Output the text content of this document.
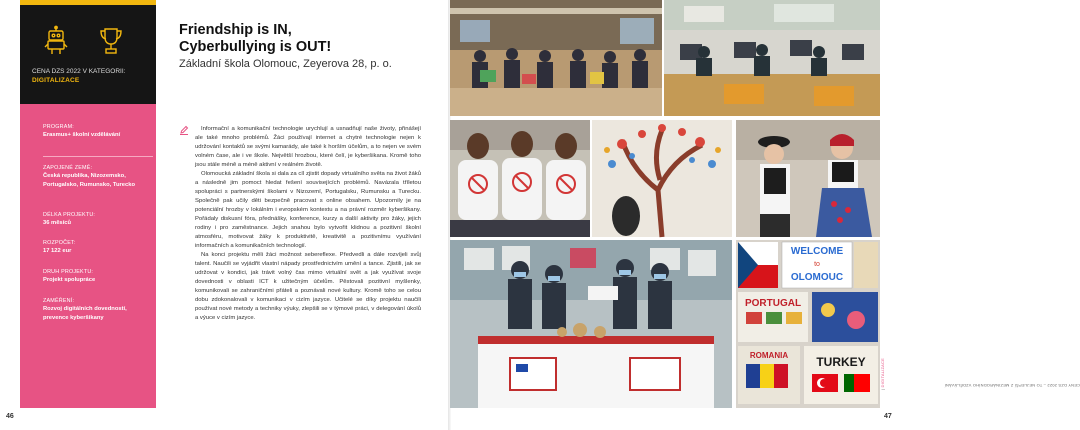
CENA DZS 2022 V KATEGORII:
DIGITALIZACE
PROGRAM:
Erasmus+ školní vzdělávání
ZAPOJENÉ ZEMĚ:
Česká republika, Nizozemsko, Portugalsko, Rumunsko, Turecko
DÉLKA PROJEKTU:
36 měsíců
ROZPOČET:
17 122 eur
DRUH PROJEKTU:
Projekt spolupráce
ZAMĚŘENÍ:
Rozvoj digitálních dovedností, prevence kyberšikany
46
Friendship is IN,
Cyberbullying is OUT!
Základní škola Olomouc, Zeyerova 28, p. o.

Informační a komunikační technologie urychlují a usnadňují naše životy, přinášejí ale také mnoho problémů. Žáci používají internet a chytré technologie nejen k udržování kontaktů se svými kamarády, ale také k horším účelům, a to nejen ve svém volném čase, ale i ve škole. Největší hrozbou, které čelí, je kyberšikana. Kromě toho jsou stále méně a méně aktivní v reálném životě.

Olomoucká základní škola si dala za cíl zjistit dopady virtuálního světa na život žáků a následně jim pomoct hledat řešení souvisejících problémů. Navázala tříletou spolupráci s partnerskými školami v Nizozemí, Portugalsku, Rumunsku a Turecku. Společně pak učily děti bezpečně pracovat s online obsahem. Upozornily je na potenciální hrozby v lokálním i evropském kontextu a na právní rozměr kyberšikany. Pořádaly diskusní fóra, přednášky, konference, kurzy a další aktivity pro žáky, jejich rodiny i pro zaměstnance. Jejich snahou bylo vytvořit klidnou a pozitivní školní atmosféru, motivovat žáky k produktivitě, kreativitě a pozitivnímu využívání informačních a komunikačních technologií.

Na konci projektu měli žáci možnost sebereflexe. Předvedli a dále rozvíjeli svůj talent. Naučili se vyjádřit vlastní nápady prostřednictvím umění a tance. Zjistili, jak se udržovat v kondici, jak trávit volný čas mimo virtuální svět a jak využívat svoje dovednosti v oblasti ICT k užitečným účelům. Pěstovali pozitivní myšlenky, komunikovali se zahraničními přáteli a poznávali nové kultury. Kromě toho se celou dobu zdokonalovali v komunikaci v cizím jazyce. Učitelé se díky projektu naučili používat nové metody a techniky výuky, zlepšili se v týmové práci, v delegování úkolů a výuce v cizím jazyce.

WELCOME
to
OLOMOUC
PORTUGAL
ROMANIA TURKEY
CENY DZS 2022 – TO NEJLEPŠÍ Z MEZINÁRODNÍHO VZDĚLÁVÁNÍ
| DIGITALIZACE
47
